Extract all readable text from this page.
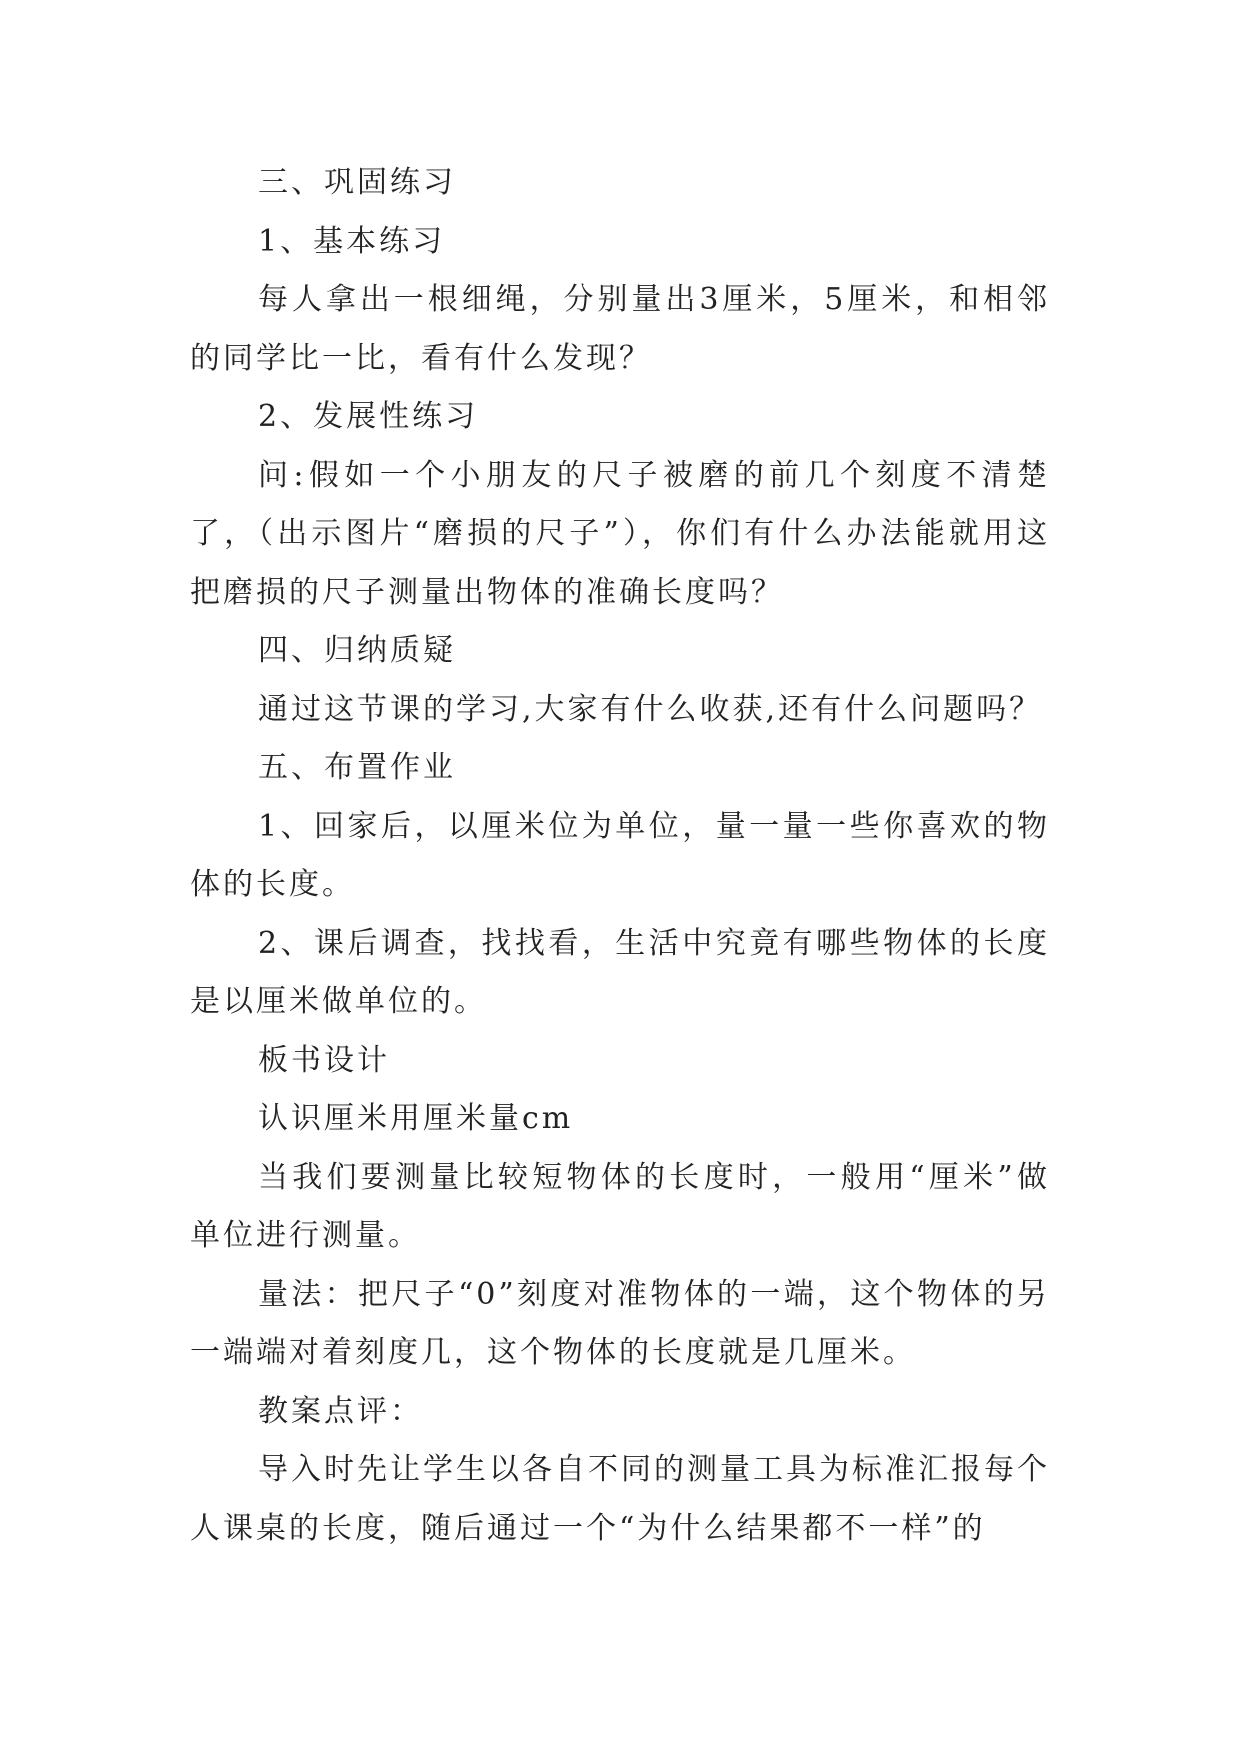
三、巩固练习

1、基本练习

每人拿出一根细绳，分别量出3厘米，5厘米，和相邻的同学比一比，看有什么发现？

2、发展性练习

问:假如一个小朋友的尺子被磨的前几个刻度不清楚了，（出示图片“磨损的尺子”），你们有什么办法能就用这把磨损的尺子测量出物体的准确长度吗？

四、归纳质疑

通过这节课的学习,大家有什么收获,还有什么问题吗？

五、布置作业

1、回家后，以厘米位为单位，量一量一些你喜欢的物体的长度。

2、课后调查，找找看，生活中究竟有哪些物体的长度是以厘米做单位的。

板书设计

认识厘米用厘米量cm

当我们要测量比较短物体的长度时，一般用“厘米”做单位进行测量。

量法：把尺子“0”刻度对准物体的一端，这个物体的另一端端对着刻度几，这个物体的长度就是几厘米。

教案点评：

导入时先让学生以各自不同的测量工具为标准汇报每个人课桌的长度，随后通过一个“为什么结果都不一样”的
